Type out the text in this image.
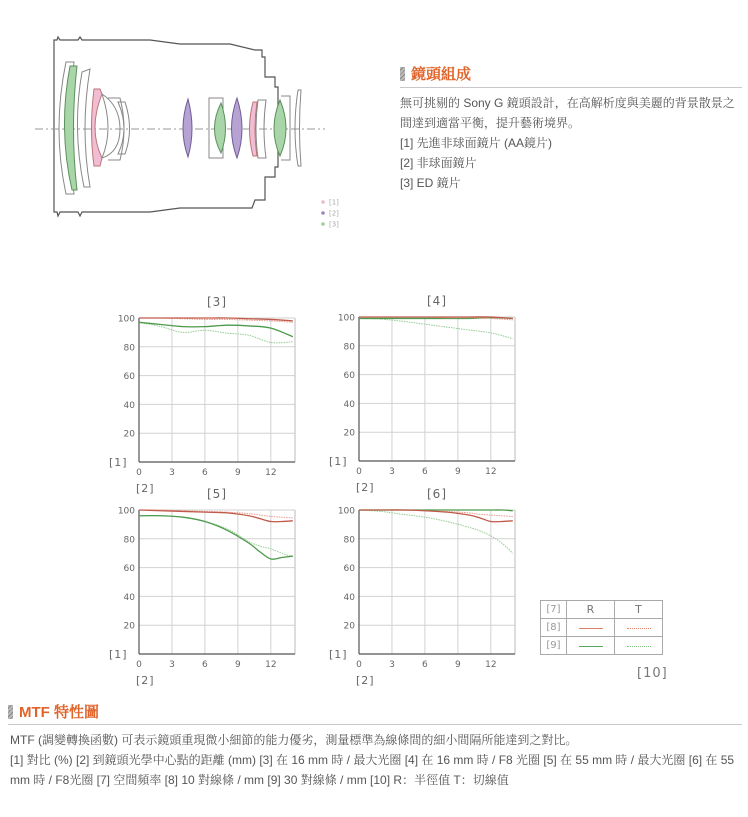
[1]
[2]
[3]
鏡頭組成
無可挑剔的 Sony G 鏡頭設計，在高解析度與美麗的背景散景之
間達到適當平衡，提升藝術境界。
[1] 先進非球面鏡片 (AA鏡片)
[2] 非球面鏡片
[3] ED 鏡片
[3]
20
40
60
80
100
0	3	6	9	12
[1]
[2]
[4]
20
40
60
80
100
0	3	6	9	12
[1]
[2]
[5]
20
40
60
80
100
0	3	6	9	12
[1]
[2]
[6]
20
40
60
80
100
0	3	6	9	12
[1]
[2]
[7]	R	T
[8]		
[9]		
[10]
MTF 特性圖
MTF (調變轉換函數) 可表示鏡頭重現微小細節的能力優劣，測量標準為線條間的細小間隔所能達到之對比。
[1] 對比 (%) [2] 到鏡頭光學中心點的距離 (mm) [3] 在 16 mm 時 / 最大光圈 [4] 在 16 mm 時 / F8 光圈 [5] 在 55 mm 時 / 最大光圈 [6] 在 55
mm 時 / F8光圈 [7] 空間頻率 [8] 10 對線條 / mm [9] 30 對線條 / mm [10] R：半徑值 T：切線值
